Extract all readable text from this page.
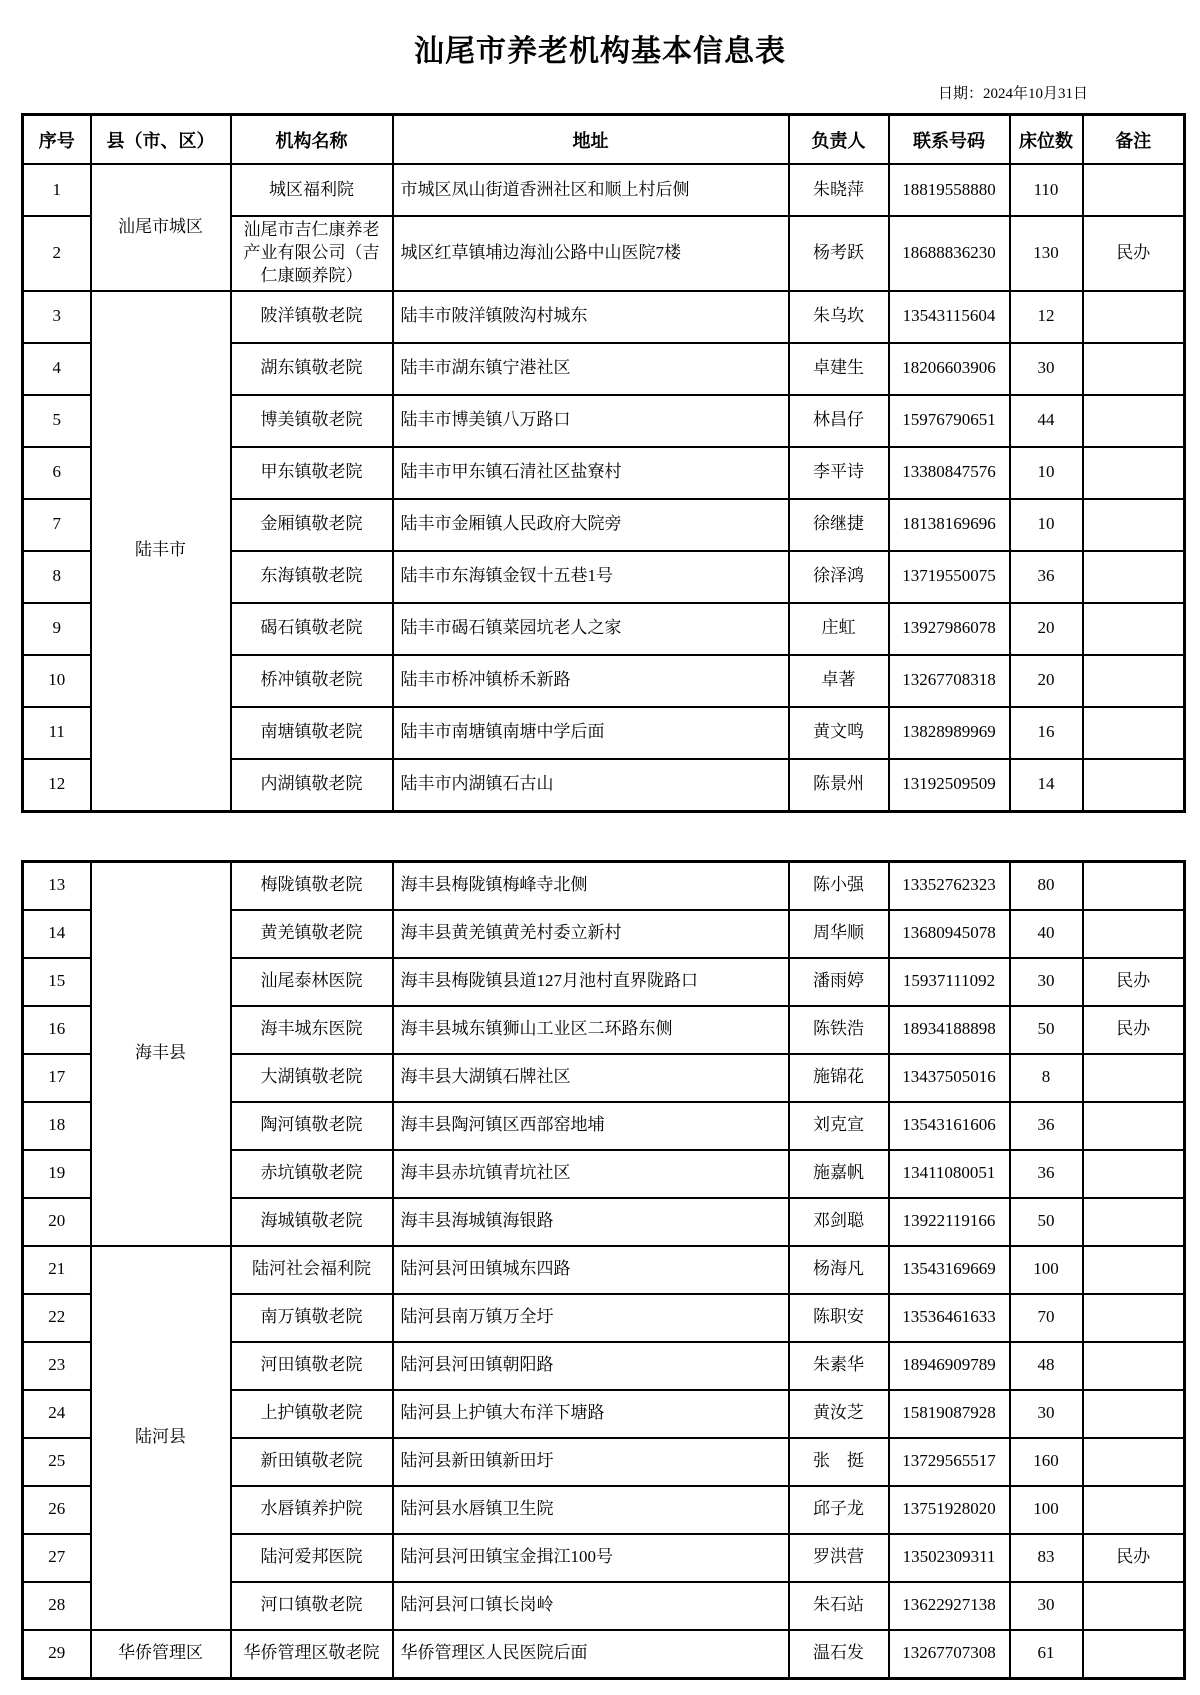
汕尾市养老机构基本信息表
日期：2024年10月31日
序号	县（市、区）	机构名称	地址	负责人	联系号码	床位数	备注
1	汕尾市城区	城区福利院	市城区凤山街道香洲社区和顺上村后侧	朱晓萍	18819558880	110	
2		汕尾市吉仁康养老产业有限公司（吉仁康颐养院）	城区红草镇埔边海汕公路中山医院7楼	杨考跃	18688836230	130	民办
3	陆丰市	陂洋镇敬老院	陆丰市陂洋镇陂沟村城东	朱乌坎	13543115604	12	
4		湖东镇敬老院	陆丰市湖东镇宁港社区	卓建生	18206603906	30	
5		博美镇敬老院	陆丰市博美镇八万路口	林昌仔	15976790651	44	
6		甲东镇敬老院	陆丰市甲东镇石清社区盐寮村	李平诗	13380847576	10	
7		金厢镇敬老院	陆丰市金厢镇人民政府大院旁	徐继捷	18138169696	10	
8		东海镇敬老院	陆丰市东海镇金钗十五巷1号	徐泽鸿	13719550075	36	
9		碣石镇敬老院	陆丰市碣石镇菜园坑老人之家	庄虹	13927986078	20	
10		桥冲镇敬老院	陆丰市桥冲镇桥禾新路	卓著	13267708318	20	
11		南塘镇敬老院	陆丰市南塘镇南塘中学后面	黄文鸣	13828989969	16	
12		内湖镇敬老院	陆丰市内湖镇石古山	陈景州	13192509509	14	
13	海丰县	梅陇镇敬老院	海丰县梅陇镇梅峰寺北侧	陈小强	13352762323	80	
14		黄羌镇敬老院	海丰县黄羌镇黄羌村委立新村	周华顺	13680945078	40	
15		汕尾泰林医院	海丰县梅陇镇县道127月池村直界陇路口	潘雨婷	15937111092	30	民办
16		海丰城东医院	海丰县城东镇狮山工业区二环路东侧	陈铁浩	18934188898	50	民办
17		大湖镇敬老院	海丰县大湖镇石牌社区	施锦花	13437505016	8	
18		陶河镇敬老院	海丰县陶河镇区西部窑地埔	刘克宣	13543161606	36	
19		赤坑镇敬老院	海丰县赤坑镇青坑社区	施嘉帆	13411080051	36	
20		海城镇敬老院	海丰县海城镇海银路	邓剑聪	13922119166	50	
21	陆河县	陆河社会福利院	陆河县河田镇城东四路	杨海凡	13543169669	100	
22		南万镇敬老院	陆河县南万镇万全圩	陈职安	13536461633	70	
23		河田镇敬老院	陆河县河田镇朝阳路	朱素华	18946909789	48	
24		上护镇敬老院	陆河县上护镇大布洋下塘路	黄汝芝	15819087928	30	
25		新田镇敬老院	陆河县新田镇新田圩	张　挺	13729565517	160	
26		水唇镇养护院	陆河县水唇镇卫生院	邱子龙	13751928020	100	
27		陆河爱邦医院	陆河县河田镇宝金揖江100号	罗洪营	13502309311	83	民办
28		河口镇敬老院	陆河县河口镇长岗岭	朱石站	13622927138	30	
29	华侨管理区	华侨管理区敬老院	华侨管理区人民医院后面	温石发	13267707308	61	
